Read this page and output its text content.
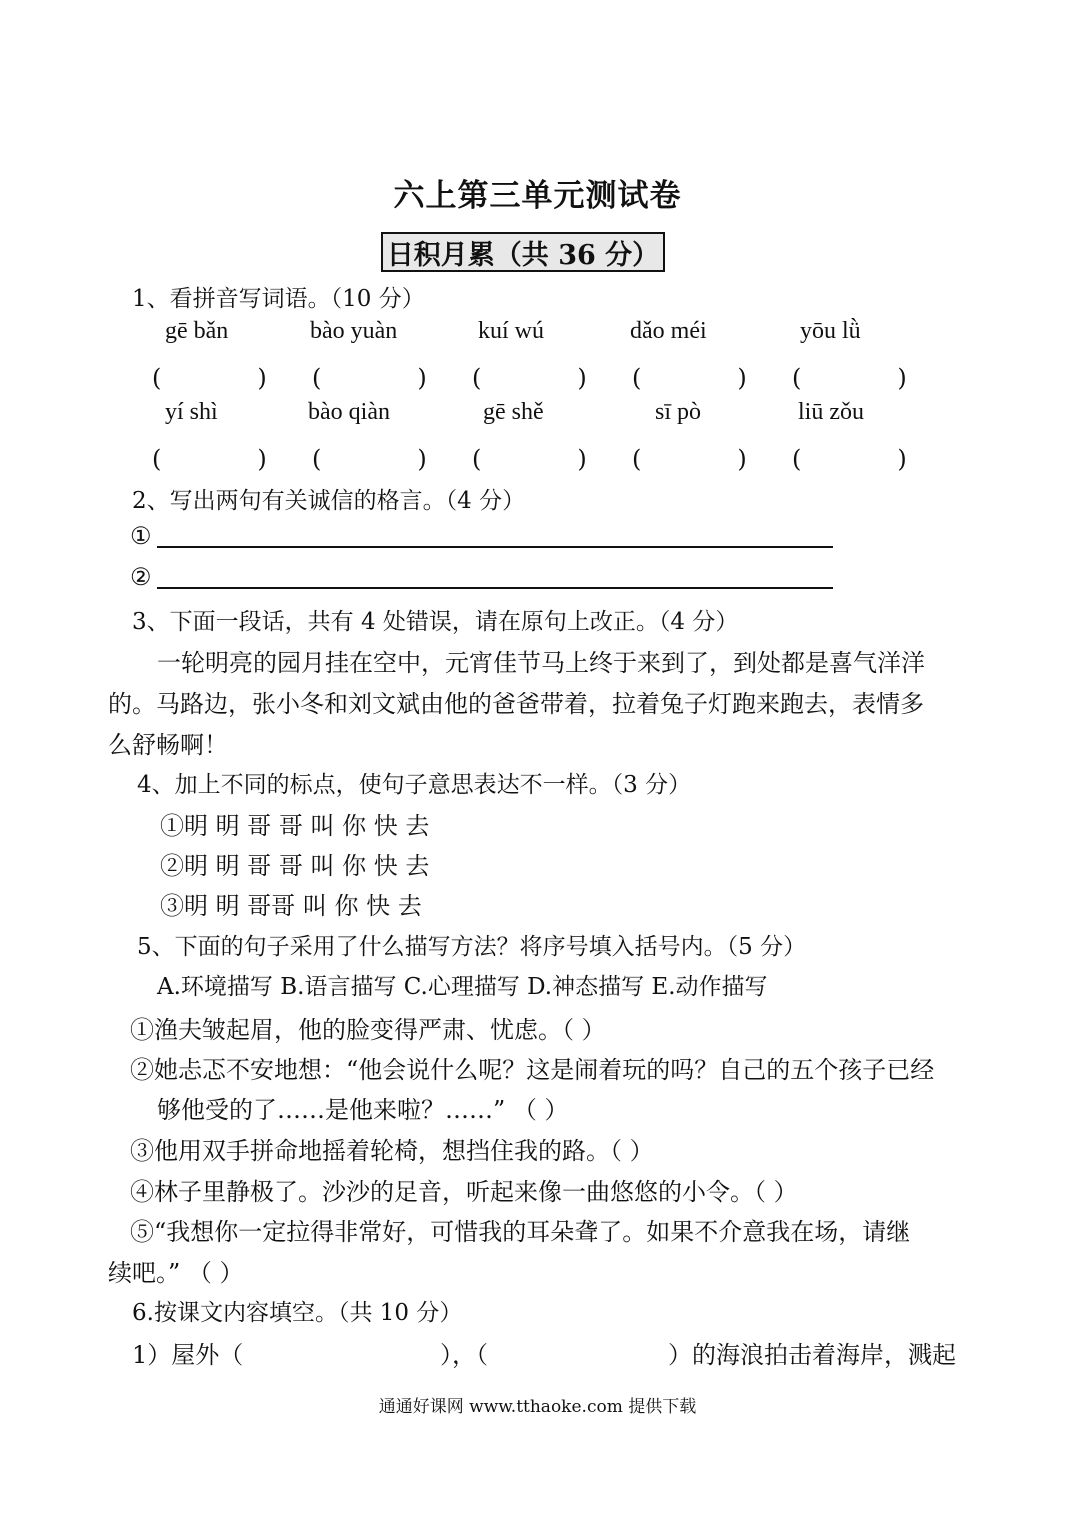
六上第三单元测试卷
日积月累（共 36 分）
1、看拼音写词语。（10 分）
gē bǎn	bào yuàn	kuí wú	dǎo méi	yōu lǜ
(　　　　) (　　　　) (　　　　) (　　　　) (　　　　)
yí shì	bào qiàn	gē shě	sī pò	liū zǒu
(　　　　) (　　　　) (　　　　) (　　　　) (　　　　)
2、写出两句有关诚信的格言。（4 分）
①
②
3、下面一段话，共有 4 处错误，请在原句上改正。（4 分）
一轮明亮的园月挂在空中，元宵佳节马上终于来到了，到处都是喜气洋洋
的。马路边，张小冬和刘文斌由他的爸爸带着，拉着兔子灯跑来跑去，表情多
么舒畅啊！
4、加上不同的标点，使句子意思表达不一样。（3 分）
①明 明 哥 哥 叫 你 快 去
②明 明 哥 哥 叫 你 快 去
③明 明 哥哥 叫 你 快 去
5、下面的句子采用了什么描写方法？将序号填入括号内。（5 分）
A.环境描写 B.语言描写 C.心理描写 D.神态描写 E.动作描写
①渔夫皱起眉，他的脸变得严肃、忧虑。（ ）
②她忐忑不安地想：“他会说什么呢？这是闹着玩的吗？自己的五个孩子已经
够他受的了……是他来啦？……” （ ）
③他用双手拼命地摇着轮椅，想挡住我的路。（ ）
④林子里静极了。沙沙的足音，听起来像一曲悠悠的小令。（ ）
⑤“我想你一定拉得非常好，可惜我的耳朵聋了。如果不介意我在场，请继
续吧。” （ ）
6.按课文内容填空。（共 10 分）
1）屋外（	），（	）的海浪拍击着海岸，溅起
通通好课网 www.tthaoke.com 提供下载
